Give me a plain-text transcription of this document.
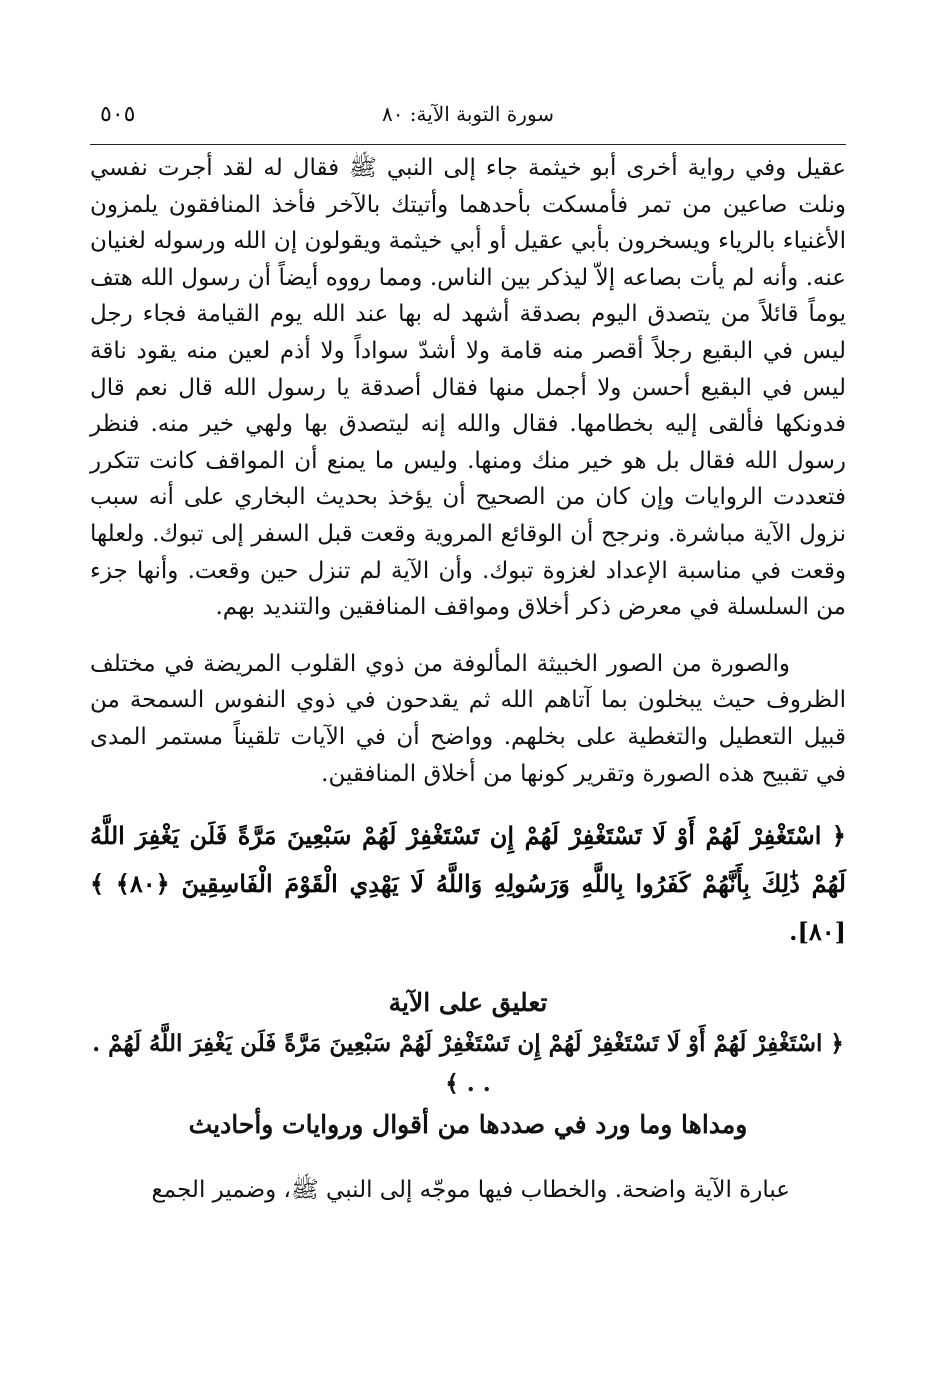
سورة التوبة الآية: ٨٠
٥٠٥

عقيل وفي رواية أخرى أبو خيثمة جاء إلى النبي ﷺ فقال له لقد أجرت نفسي ونلت صاعين من تمر فأمسكت بأحدهما وأتيتك بالآخر فأخذ المنافقون يلمزون الأغنياء بالرياء ويسخرون بأبي عقيل أو أبي خيثمة ويقولون إن الله ورسوله لغنيان عنه. وأنه لم يأت بصاعه إلاّ ليذكر بين الناس. ومما رووه أيضاً أن رسول الله هتف يوماً قائلاً من يتصدق اليوم بصدقة أشهد له بها عند الله يوم القيامة فجاء رجل ليس في البقيع رجلاً أقصر منه قامة ولا أشدّ سواداً ولا أذم لعين منه يقود ناقة ليس في البقيع أحسن ولا أجمل منها فقال أصدقة يا رسول الله قال نعم قال فدونكها فألقى إليه بخطامها. فقال والله إنه ليتصدق بها ولهي خير منه. فنظر رسول الله فقال بل هو خير منك ومنها. وليس ما يمنع أن المواقف كانت تتكرر فتعددت الروايات وإن كان من الصحيح أن يؤخذ بحديث البخاري على أنه سبب نزول الآية مباشرة. ونرجح أن الوقائع المروية وقعت قبل السفر إلى تبوك. ولعلها وقعت في مناسبة الإعداد لغزوة تبوك. وأن الآية لم تنزل حين وقعت. وأنها جزء من السلسلة في معرض ذكر أخلاق ومواقف المنافقين والتنديد بهم.

والصورة من الصور الخبيثة المألوفة من ذوي القلوب المريضة في مختلف الظروف حيث يبخلون بما آتاهم الله ثم يقدحون في ذوي النفوس السمحة من قبيل التعطيل والتغطية على بخلهم. وواضح أن في الآيات تلقيناً مستمر المدى في تقبيح هذه الصورة وتقرير كونها من أخلاق المنافقين.

﴿ اسْتَغْفِرْ لَهُمْ أَوْ لَا تَسْتَغْفِرْ لَهُمْ إِن تَسْتَغْفِرْ لَهُمْ سَبْعِينَ مَرَّةً فَلَن يَغْفِرَ اللَّهُ لَهُمْ ذَٰلِكَ بِأَنَّهُمْ كَفَرُوا بِاللَّهِ وَرَسُولِهِ وَاللَّهُ لَا يَهْدِي الْقَوْمَ الْفَاسِقِينَ ﴿٨٠﴾ ﴾ [٨٠].

تعليق على الآية

﴿ اسْتَغْفِرْ لَهُمْ أَوْ لَا تَسْتَغْفِرْ لَهُمْ إِن تَسْتَغْفِرْ لَهُمْ سَبْعِينَ مَرَّةً فَلَن يَغْفِرَ اللَّهُ لَهُمْ . . . ﴾

ومداها وما ورد في صددها من أقوال وروايات وأحاديث

عبارة الآية واضحة. والخطاب فيها موجّه إلى النبي ﷺ، وضمير الجمع
